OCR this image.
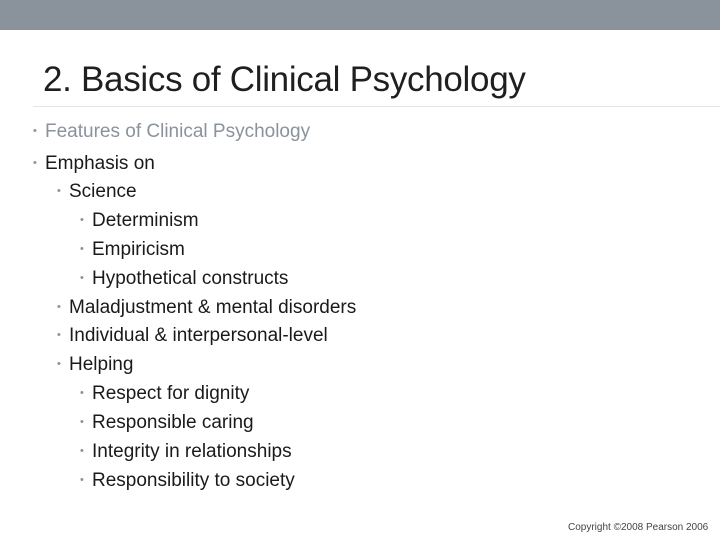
2. Basics of Clinical Psychology
• Features of Clinical Psychology
• Emphasis on
• Science
• Determinism
• Empiricism
• Hypothetical constructs
• Maladjustment & mental disorders
• Individual & interpersonal-level
• Helping
• Respect for dignity
• Responsible caring
• Integrity in relationships
• Responsibility to society
Copyright ©2008 Pearson 2006
